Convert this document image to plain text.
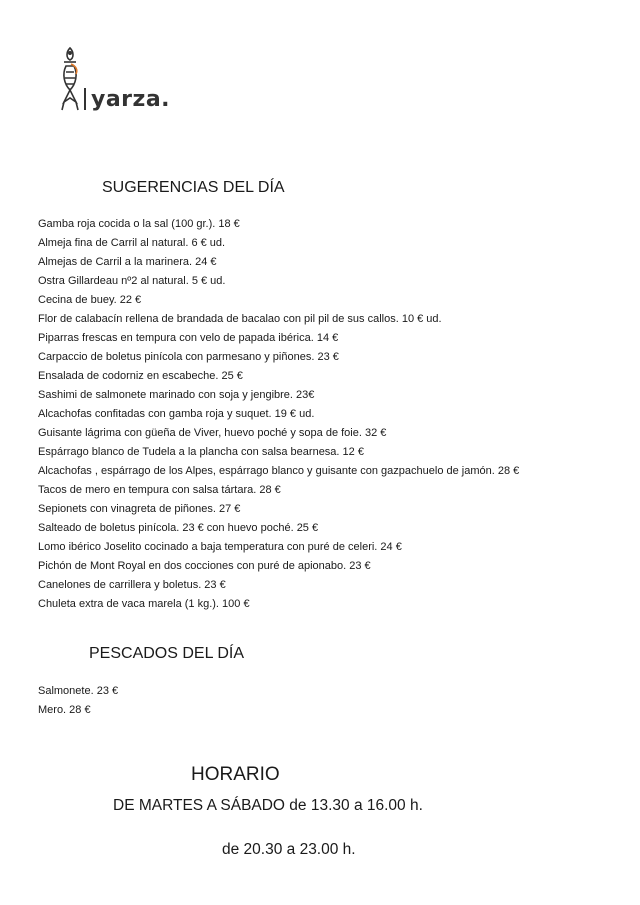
yarza.
SUGERENCIAS DEL DÍA
Gamba roja cocida o la sal (100 gr.). 18 €
Almeja fina de Carril al natural. 6 € ud.
Almejas de Carril a la marinera. 24 €
Ostra Gillardeau nº2 al natural. 5 € ud.
Cecina de buey. 22 €
Flor de calabacín rellena de brandada de bacalao con pil pil de sus callos. 10 € ud.
Piparras frescas en tempura con velo de papada ibérica. 14 €
Carpaccio de boletus pinícola con parmesano y piñones. 23 €
Ensalada de codorniz en escabeche. 25 €
Sashimi de salmonete marinado con soja y jengibre. 23€
Alcachofas confitadas con gamba roja y suquet. 19 € ud.
Guisante lágrima con güeña de Viver, huevo poché y sopa de foie. 32 €
Espárrago blanco de Tudela a la plancha con salsa bearnesa. 12 €
Alcachofas , espárrago de los Alpes, espárrago blanco y guisante con gazpachuelo de jamón. 28 €
Tacos de mero en tempura con salsa tártara. 28 €
Sepionets con vinagreta de piñones. 27 €
Salteado de boletus pinícola. 23 € con huevo poché. 25 €
Lomo ibérico Joselito cocinado a baja temperatura con puré de celeri. 24 €
Pichón de Mont Royal en dos cocciones con puré de apionabo. 23 €
Canelones de carrillera y boletus. 23 €
Chuleta extra de vaca marela (1 kg.). 100 €
PESCADOS DEL DÍA
Salmonete. 23 €
Mero. 28 €
HORARIO

DE MARTES A SÁBADO de 13.30 a 16.00 h.

de 20.30 a 23.00 h.
